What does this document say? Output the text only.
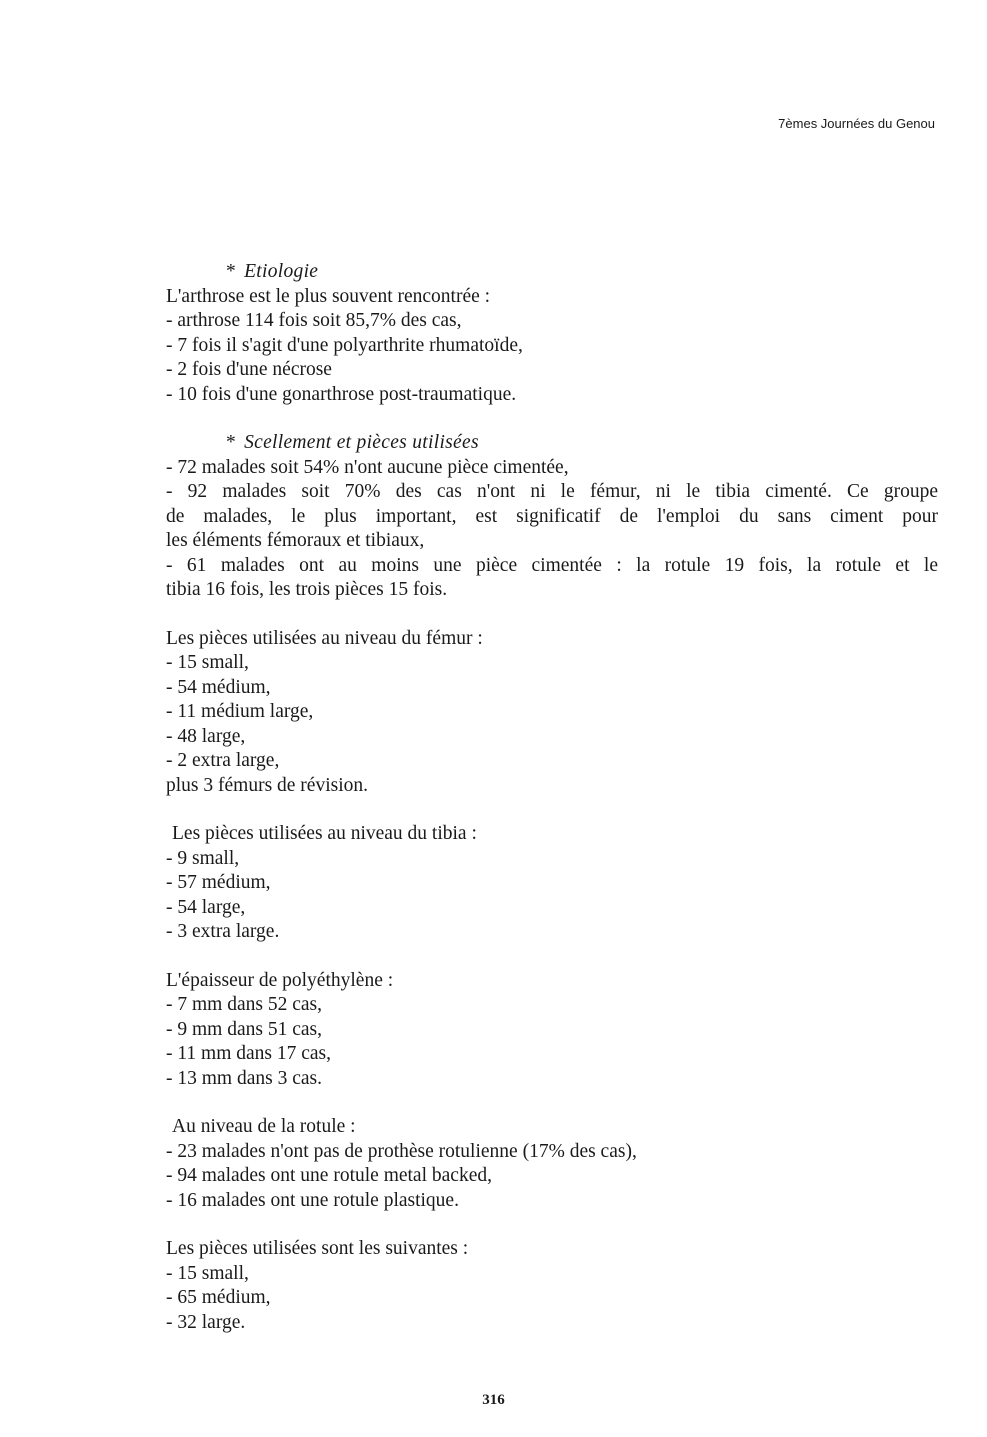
7èmes Journées du Genou
* Etiologie
L'arthrose est le plus souvent rencontrée :
- arthrose 114 fois soit 85,7% des cas,
- 7 fois il s'agit d'une polyarthrite rhumatoïde,
- 2 fois d'une nécrose
- 10 fois d'une gonarthrose post-traumatique.
* Scellement et pièces utilisées
- 72 malades soit 54% n'ont aucune pièce cimentée,
- 92 malades soit 70% des cas n'ont ni le fémur, ni le tibia cimenté. Ce groupe
de malades, le plus important, est significatif de l'emploi du sans ciment pour
les éléments fémoraux et tibiaux,
- 61 malades ont au moins une pièce cimentée : la rotule 19 fois, la rotule et le
tibia 16 fois, les trois pièces 15 fois.
Les pièces utilisées au niveau du fémur :
- 15 small,
- 54 médium,
- 11 médium large,
- 48 large,
- 2 extra large,
plus 3 fémurs de révision.
Les pièces utilisées au niveau du tibia :
- 9 small,
- 57 médium,
- 54 large,
- 3 extra large.
L'épaisseur de polyéthylène :
- 7 mm dans 52 cas,
- 9 mm dans 51 cas,
- 11 mm dans 17 cas,
- 13 mm dans 3 cas.
Au niveau de la rotule :
- 23 malades n'ont pas de prothèse rotulienne (17% des cas),
- 94 malades ont une rotule metal backed,
- 16 malades ont une rotule plastique.
Les pièces utilisées sont les suivantes :
- 15 small,
- 65 médium,
- 32 large.
316
